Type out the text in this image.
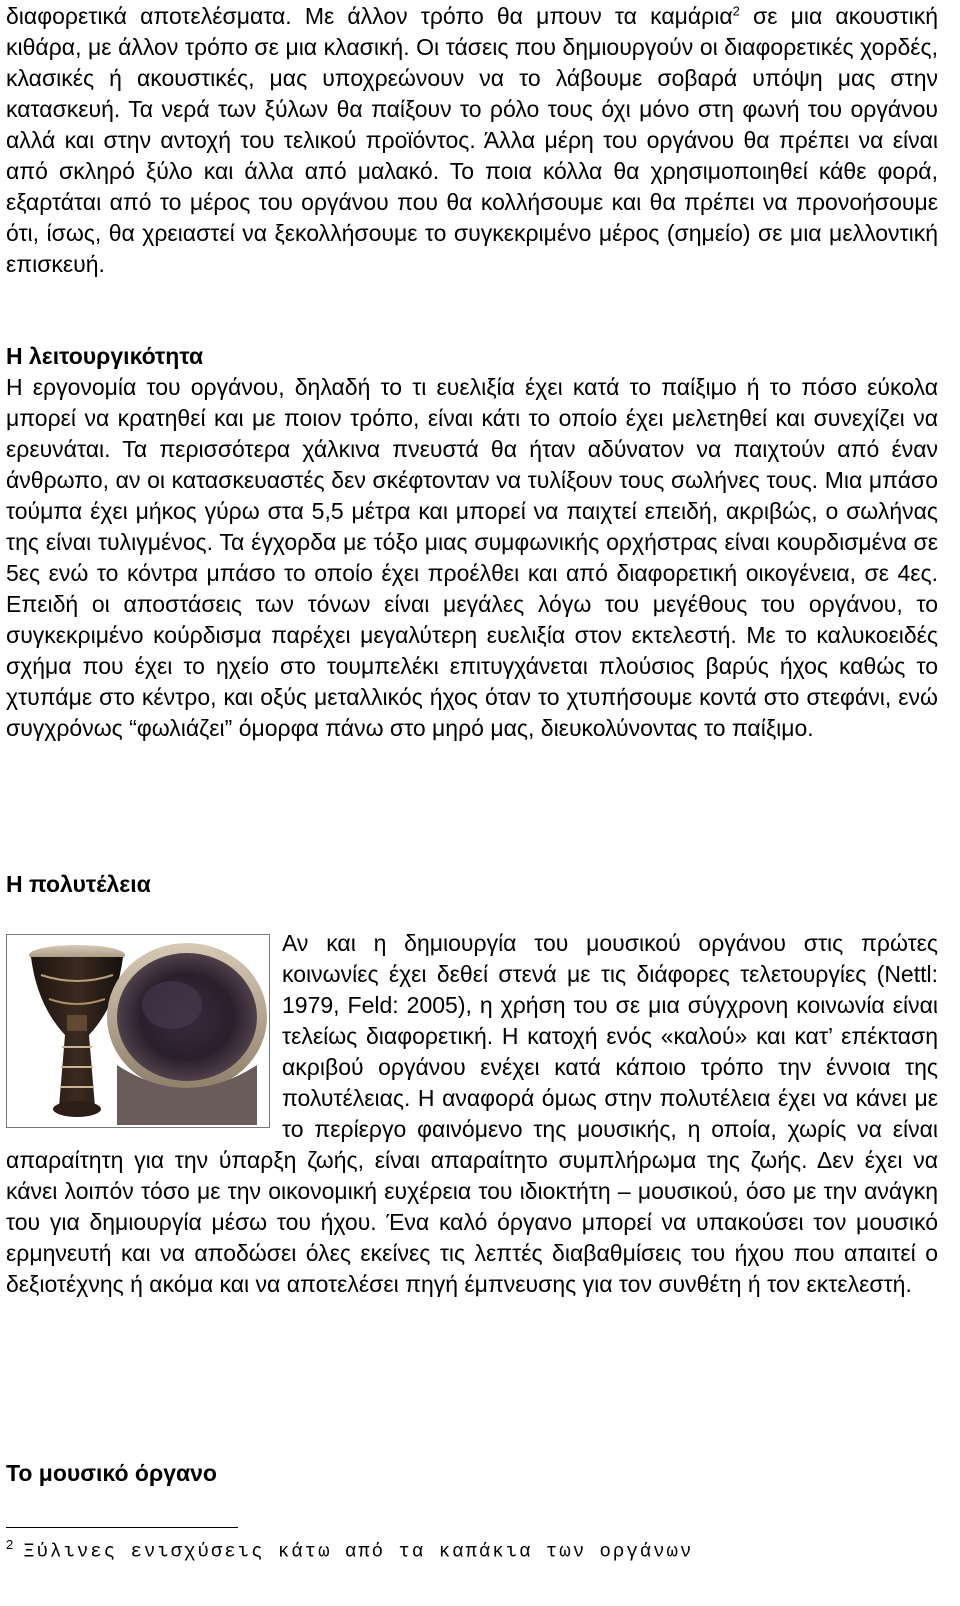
διαφορετικά αποτελέσματα. Με άλλον τρόπο θα μπουν τα καμάρια$^2$ σε μια ακουστική κιθάρα, με άλλον τρόπο σε μια κλασική. Οι τάσεις που δημιουργούν οι διαφορετικές χορδές, κλασικές ή ακουστικές, μας υποχρεώνουν να το λάβουμε σοβαρά υπόψη μας στην κατασκευή. Τα νερά των ξύλων θα παίξουν το ρόλο τους όχι μόνο στη φωνή του οργάνου αλλά και στην αντοχή του τελικού προϊόντος. Άλλα μέρη του οργάνου θα πρέπει να είναι από σκληρό ξύλο και άλλα από μαλακό. Το ποια κόλλα θα χρησιμοποιηθεί κάθε φορά, εξαρτάται από το μέρος του οργάνου που θα κολλήσουμε και θα πρέπει να προνοήσουμε ότι, ίσως, θα χρειαστεί να ξεκολλήσουμε το συγκεκριμένο μέρος (σημείο) σε μια μελλοντική επισκευή.

Η λειτουργικότητα

Η εργονομία του οργάνου, δηλαδή το τι ευελιξία έχει κατά το παίξιμο ή το πόσο εύκολα μπορεί να κρατηθεί και με ποιον τρόπο, είναι κάτι το οποίο έχει μελετηθεί και συνεχίζει να ερευνάται. Τα περισσότερα χάλκινα πνευστά θα ήταν αδύνατον να παιχτούν από έναν άνθρωπο, αν οι κατασκευαστές δεν σκέφτονταν να τυλίξουν τους σωλήνες τους. Μια μπάσο τούμπα έχει μήκος γύρω στα 5,5 μέτρα και μπορεί να παιχτεί επειδή, ακριβώς, ο σωλήνας της είναι τυλιγμένος. Τα έγχορδα με τόξο μιας συμφωνικής ορχήστρας είναι κουρδισμένα σε 5ες ενώ το κόντρα μπάσο το οποίο έχει προέλθει και από διαφορετική οικογένεια, σε 4ες. Επειδή οι αποστάσεις των τόνων είναι μεγάλες λόγω του μεγέθους του οργάνου, το συγκεκριμένο κούρδισμα παρέχει μεγαλύτερη ευελιξία στον εκτελεστή. Με το καλυκοειδές σχήμα που έχει το ηχείο στο τουμπελέκι επιτυγχάνεται πλούσιος βαρύς ήχος καθώς το χτυπάμε στο κέντρο, και οξύς μεταλλικός ήχος όταν το χτυπήσουμε κοντά στο στεφάνι, ενώ συγχρόνως “φωλιάζει” όμορφα πάνω στο μηρό μας, διευκολύνοντας το παίξιμο.

Η πολυτέλεια

Αν και η δημιουργία του μουσικού οργάνου στις πρώτες κοινωνίες έχει δεθεί στενά με τις διάφορες τελετουργίες (Nettl: 1979, Feld: 2005), η χρήση του σε μια σύγχρονη κοινωνία είναι τελείως διαφορετική. Η κατοχή ενός «καλού» και κατ’ επέκταση ακριβού οργάνου ενέχει κατά κάποιο τρόπο την έννοια της πολυτέλειας. Η αναφορά όμως στην πολυτέλεια έχει να κάνει με το περίεργο φαινόμενο της μουσικής, η οποία, χωρίς να είναι απαραίτητη για την ύπαρξη ζωής, είναι απαραίτητο συμπλήρωμα της ζωής. Δεν έχει να κάνει λοιπόν τόσο με την οικονομική ευχέρεια του ιδιοκτήτη – μουσικού, όσο με την ανάγκη του για δημιουργία μέσω του ήχου. Ένα καλό όργανο μπορεί να υπακούσει τον μουσικό ερμηνευτή και να αποδώσει όλες εκείνες τις λεπτές διαβαθμίσεις του ήχου που απαιτεί ο δεξιοτέχνης ή ακόμα και να αποτελέσει πηγή έμπνευσης για τον συνθέτη ή τον εκτελεστή.

Το μουσικό όργανο
$^2$ Ξύλινες ενισχύσεις κάτω από τα καπάκια των οργάνων
